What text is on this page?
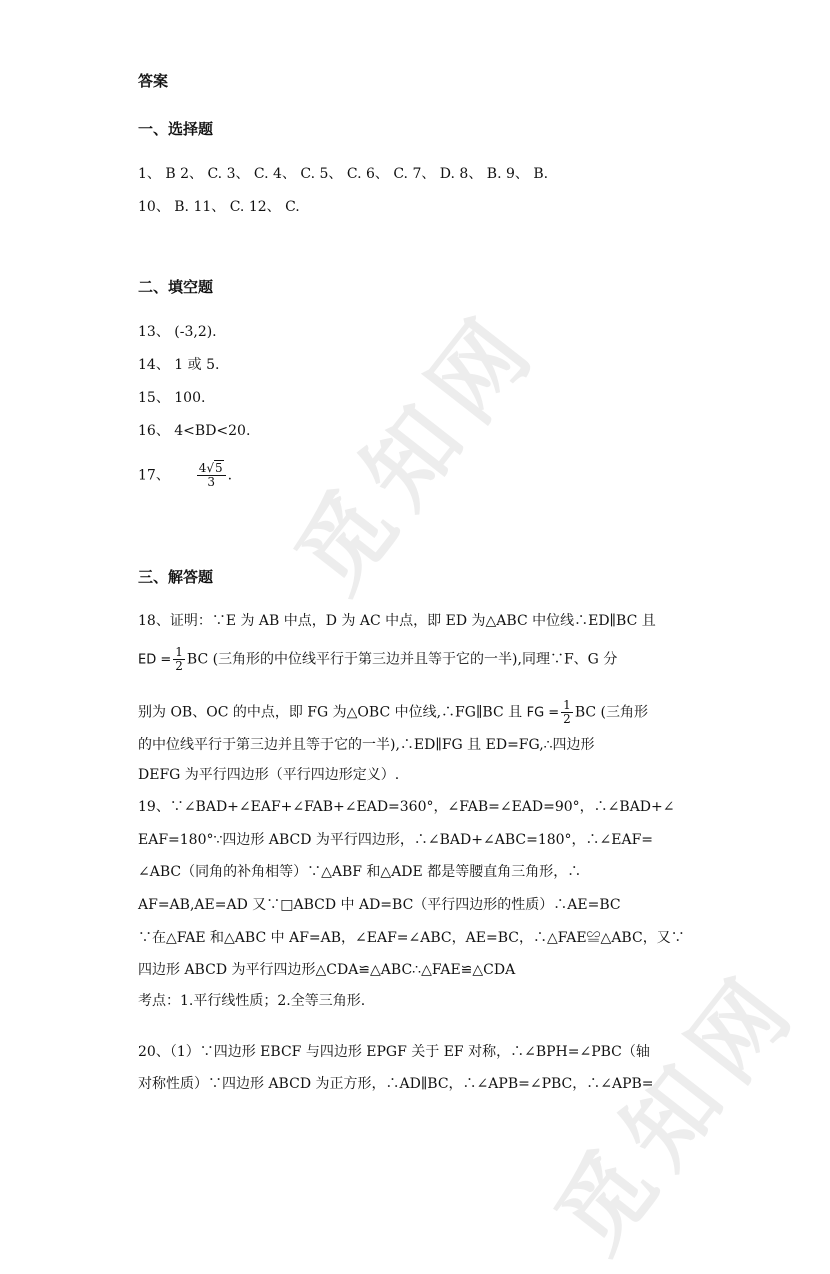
觅知网
觅知网
答案
一、选择题
1、 B 2、 C. 3、 C. 4、 C. 5、 C. 6、 C. 7、 D. 8、 B. 9、 B.
10、 B. 11、 C. 12、 C.
二、填空题
13、 (-3,2).
14、 1 或 5.
15、 100.
16、 4<BD<20.
17、 $\frac{4√5}{3}$ .
三、解答题
18、证明：∵E 为 AB 中点，D 为 AC 中点，即 ED 为△ABC 中位线∴ED∥BC 且
ED = $\frac{1}{2}$ BC (三角形的中位线平行于第三边并且等于它的一半),同理∵F、G 分
别为 OB、OC 的中点，即 FG 为△OBC 中位线,∴FG∥BC 且 FG = $\frac{1}{2}$ BC (三角形
的中位线平行于第三边并且等于它的一半),∴ED∥FG 且 ED=FG,∴四边形
DEFG 为平行四边形（平行四边形定义）.
19、∵∠BAD+∠EAF+∠FAB+∠EAD=360°，∠FAB=∠EAD=90°，∴∠BAD+∠
EAF=180°∵四边形 ABCD 为平行四边形，∴∠BAD+∠ABC=180°，∴∠EAF=
∠ABC（同角的补角相等）∵△ABF 和△ADE 都是等腰直角三角形，∴
AF=AB,AE=AD 又∵□ABCD 中 AD=BC（平行四边形的性质）∴AE=BC
∵在△FAE 和△ABC 中 AF=AB，∠EAF=∠ABC，AE=BC，∴△FAE≌△ABC，又∵
四边形 ABCD 为平行四边形△CDA≌△ABC∴△FAE≌△CDA
考点：1.平行线性质；2.全等三角形.
20、（1）∵四边形 EBCF 与四边形 EPGF 关于 EF 对称，∴∠BPH=∠PBC（轴
对称性质）∵四边形 ABCD 为正方形，∴AD∥BC，∴∠APB=∠PBC，∴∠APB=
